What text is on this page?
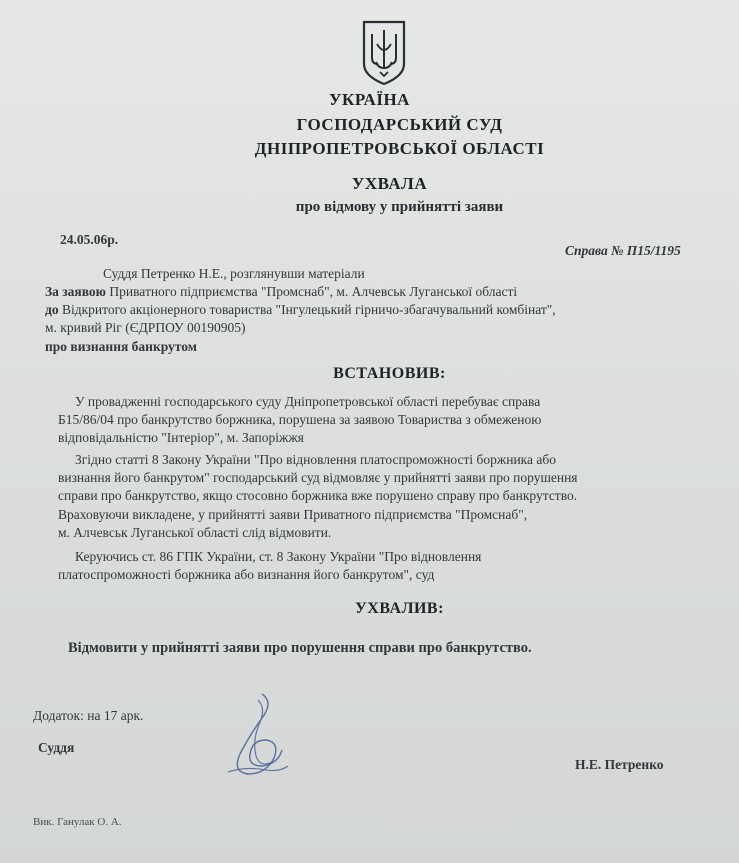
УКРАЇНА
ГОСПОДАРСЬКИЙ СУД
ДНІПРОПЕТРОВСЬКОЇ ОБЛАСТІ
УХВАЛА
про відмову у прийнятті заяви
24.05.06р.
Справа № П15/1195
Суддя Петренко Н.Е., розглянувши матеріали
За заявою Приватного підприємства "Промснаб", м. Алчевськ Луганської області
до Відкритого акціонерного товариства "Інгулецький гірничо-збагачувальний комбінат",
м. кривий Ріг (ЄДРПОУ 00190905)
про визнання банкрутом
ВСТАНОВИВ:
У провадженні господарського суду Дніпропетровської області перебуває справа
Б15/86/04 про банкрутство боржника, порушена за заявою Товариства з обмеженою
відповідальністю "Інтеріор", м. Запоріжжя
Згідно статті 8 Закону України "Про відновлення платоспроможності боржника або
визнання його банкрутом" господарський суд відмовляє у прийнятті заяви про порушення
справи про банкрутство, якщо стосовно боржника вже порушено справу про банкрутство.
Враховуючи викладене, у прийнятті заяви Приватного підприємства "Промснаб",
м. Алчевськ Луганської області слід відмовити.
Керуючись ст. 86 ГПК України, ст. 8 Закону України "Про відновлення
платоспроможності боржника або визнання його банкрутом", суд
УХВАЛИВ:
Відмовити у прийнятті заяви про порушення справи про банкрутство.
Додаток: на 17 арк.
Суддя
Н.Е. Петренко
Вик. Ганулак О. А.
